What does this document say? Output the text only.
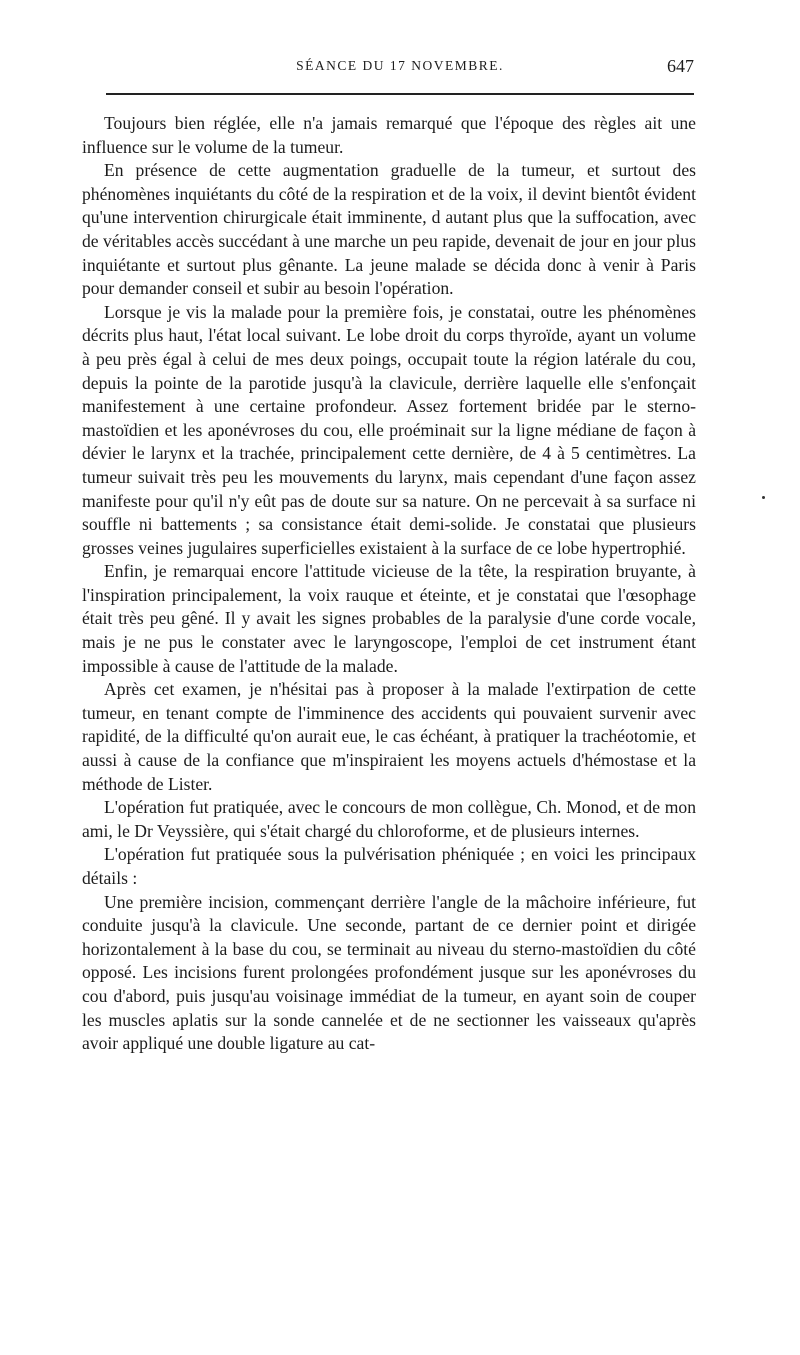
SÉANCE DU 17 NOVEMBRE.	647

Toujours bien réglée, elle n'a jamais remarqué que l'époque des règles ait une influence sur le volume de la tumeur.

En présence de cette augmentation graduelle de la tumeur, et surtout des phénomènes inquiétants du côté de la respiration et de la voix, il devint bientôt évident qu'une intervention chirurgicale était imminente, d autant plus que la suffocation, avec de véritables accès succédant à une marche un peu rapide, devenait de jour en jour plus inquiétante et surtout plus gênante. La jeune malade se décida donc à venir à Paris pour demander conseil et subir au besoin l'opération.

Lorsque je vis la malade pour la première fois, je constatai, outre les phénomènes décrits plus haut, l'état local suivant. Le lobe droit du corps thyroïde, ayant un volume à peu près égal à celui de mes deux poings, occupait toute la région latérale du cou, depuis la pointe de la parotide jusqu'à la clavicule, derrière laquelle elle s'enfonçait manifestement à une certaine profondeur. Assez fortement bridée par le sterno-mastoïdien et les aponévroses du cou, elle proéminait sur la ligne médiane de façon à dévier le larynx et la trachée, principalement cette dernière, de 4 à 5 centimètres. La tumeur suivait très peu les mouvements du larynx, mais cependant d'une façon assez manifeste pour qu'il n'y eût pas de doute sur sa nature. On ne percevait à sa surface ni souffle ni battements ; sa consistance était demi-solide. Je constatai que plusieurs grosses veines jugulaires superficielles existaient à la surface de ce lobe hypertrophié.

Enfin, je remarquai encore l'attitude vicieuse de la tête, la respiration bruyante, à l'inspiration principalement, la voix rauque et éteinte, et je constatai que l'œsophage était très peu gêné. Il y avait les signes probables de la paralysie d'une corde vocale, mais je ne pus le constater avec le laryngoscope, l'emploi de cet instrument étant impossible à cause de l'attitude de la malade.

Après cet examen, je n'hésitai pas à proposer à la malade l'extirpation de cette tumeur, en tenant compte de l'imminence des accidents qui pouvaient survenir avec rapidité, de la difficulté qu'on aurait eue, le cas échéant, à pratiquer la trachéotomie, et aussi à cause de la confiance que m'inspiraient les moyens actuels d'hémostase et la méthode de Lister.

L'opération fut pratiquée, avec le concours de mon collègue, Ch. Monod, et de mon ami, le Dr Veyssière, qui s'était chargé du chloroforme, et de plusieurs internes.

L'opération fut pratiquée sous la pulvérisation phéniquée ; en voici les principaux détails :

Une première incision, commençant derrière l'angle de la mâchoire inférieure, fut conduite jusqu'à la clavicule. Une seconde, partant de ce dernier point et dirigée horizontalement à la base du cou, se terminait au niveau du sterno-mastoïdien du côté opposé. Les incisions furent prolongées profondément jusque sur les aponévroses du cou d'abord, puis jusqu'au voisinage immédiat de la tumeur, en ayant soin de couper les muscles aplatis sur la sonde cannelée et de ne sectionner les vaisseaux qu'après avoir appliqué une double ligature au cat-
